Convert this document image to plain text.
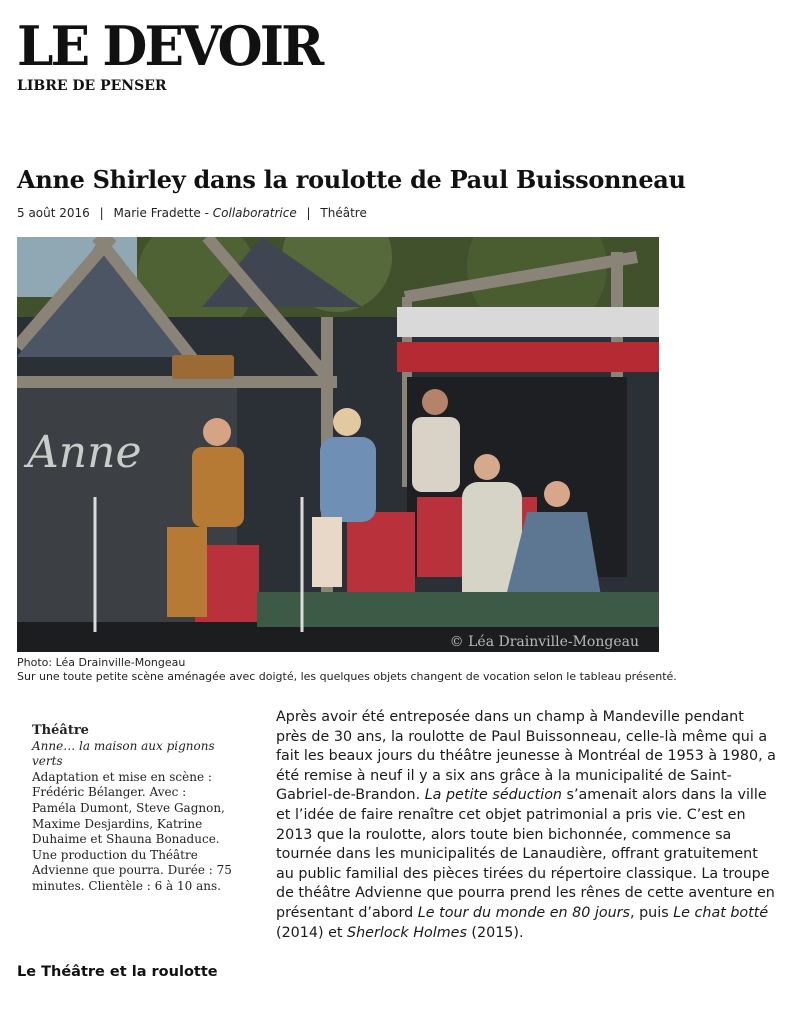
LE DEVOIR
LIBRE DE PENSER
Anne Shirley dans la roulotte de Paul Buissonneau
5 août 2016 | Marie Fradette - Collaboratrice | Théâtre
Anne
© Léa Drainville-Mongeau
Photo: Léa Drainville-Mongeau
Sur une toute petite scène aménagée avec doigté, les quelques objets changent de vocation selon le tableau présenté.
Théâtre
Anne… la maison aux pignons verts
Adaptation et mise en scène : Frédéric Bélanger. Avec : Paméla Dumont, Steve Gagnon, Maxime Desjardins, Katrine Duhaime et Shauna Bonaduce. Une production du Théâtre Advienne que pourra. Durée : 75 minutes. Clientèle : 6 à 10 ans.

Après avoir été entreposée dans un champ à Mandeville pendant près de 30 ans, la roulotte de Paul Buissonneau, celle-là même qui a fait les beaux jours du théâtre jeunesse à Montréal de 1953 à 1980, a été remise à neuf il y a six ans grâce à la municipalité de Saint-Gabriel-de-Brandon. La petite séduction s’amenait alors dans la ville et l’idée de faire renaître cet objet patrimonial a pris vie. C’est en 2013 que la roulotte, alors toute bien bichonnée, commence sa tournée dans les municipalités de Lanaudière, offrant gratuitement au public familial des pièces tirées du répertoire classique. La troupe de théâtre Advienne que pourra prend les rênes de cette aventure en présentant d’abord Le tour du monde en 80 jours, puis Le chat botté (2014) et Sherlock Holmes (2015).

Le Théâtre et la roulotte
